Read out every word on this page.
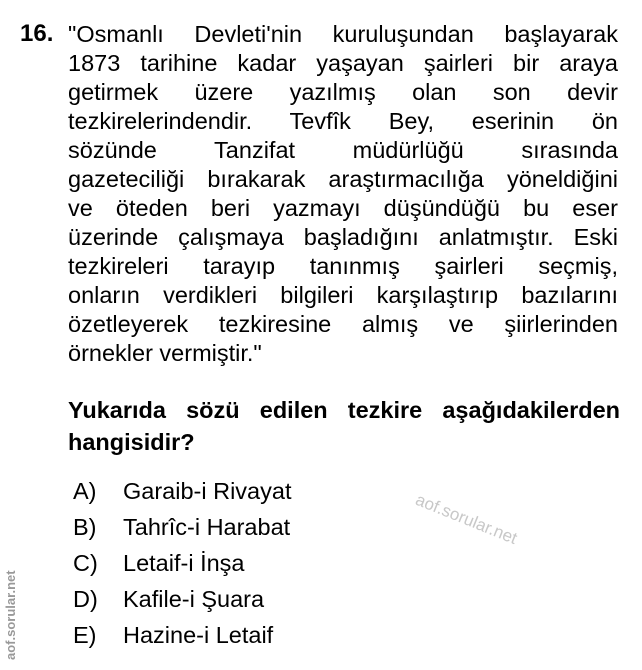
16. "Osmanlı Devleti'nin kuruluşundan başlayarak
1873 tarihine kadar yaşayan şairleri bir araya
getirmek üzere yazılmış olan son devir
tezkirelerindendir. Tevfîk Bey, eserinin ön
sözünde Tanzifat müdürlüğü sırasında
gazeteciliği bırakarak araştırmacılığa yöneldiğini
ve öteden beri yazmayı düşündüğü bu eser
üzerinde çalışmaya başladığını anlatmıştır. Eski
tezkireleri tarayıp tanınmış şairleri seçmiş,
onların verdikleri bilgileri karşılaştırıp bazılarını
özetleyerek tezkiresine almış ve şiirlerinden
örnekler vermiştir."
Yukarıda sözü edilen tezkire aşağıdakilerden
hangisidir?
A)	Garaib-i Rivayat
B)	Tahrîc-i Harabat
C)	Letaif-i İnşa
D)	Kafile-i Şuara
E)	Hazine-i Letaif
aof.sorular.net
aof.sorular.net
